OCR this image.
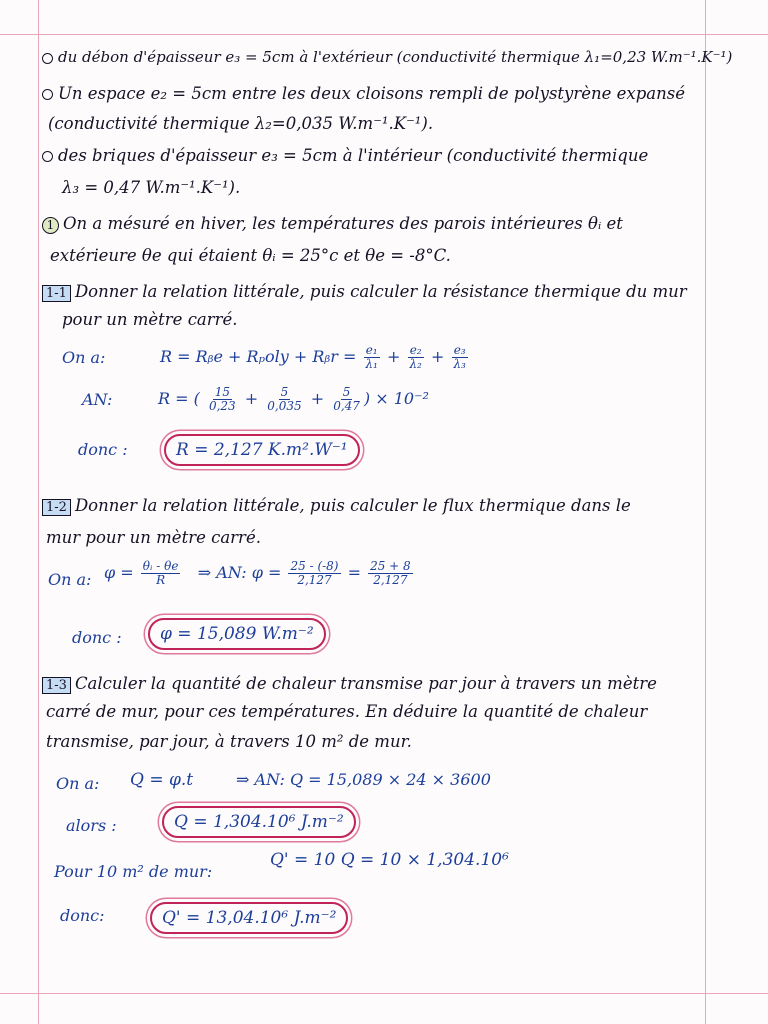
du débon d'épaisseur e₃ = 5cm à l'extérieur (conductivité thermique λ₁=0,23 W.m⁻¹.K⁻¹)
Un espace e₂ = 5cm entre les deux cloisons rempli de polystyrène expansé
(conductivité thermique λ₂=0,035 W.m⁻¹.K⁻¹).
des briques d'épaisseur e₃ = 5cm à l'intérieur (conductivité thermique
λ₃ = 0,47 W.m⁻¹.K⁻¹).
1 On a mésuré en hiver, les températures des parois intérieures θᵢ et
extérieure θe qui étaient θᵢ = 25°c et θe = -8°C.
1-1 Donner la relation littérale, puis calculer la résistance thermique du mur
pour un mètre carré.
On a:	R = Rᵦe + Rₚoly + Rᵦr = $\frac{\text{e₁}}{\text{λ₁}} + \frac{\text{e₂}}{\text{λ₂}} + \frac{\text{e₃}}{\text{λ₃}}$
AN:	R = ( $\frac{15}{0,23} + \frac{5}{0,035} + \frac{5}{0,47}$ ) × 10⁻²
donc :	R = 2,127 K.m².W⁻¹
1-2 Donner la relation littérale, puis calculer le flux thermique dans le
mur pour un mètre carré.
On a: $\varphi = \frac{\text{θᵢ - θe}}{R}$ ⇒ AN: $\varphi = \frac{25 - (-8)}{2,127} = \frac{25 + 8}{2,127}$
donc :	φ = 15,089 W.m⁻²
1-3 Calculer la quantité de chaleur transmise par jour à travers un mètre
carré de mur, pour ces températures. En déduire la quantité de chaleur
transmise, par jour, à travers 10 m² de mur.
On a: Q = φ.t	⇒ AN: Q = 15,089 × 24 × 3600
alors :	Q = 1,304.10⁶ J.m⁻²
Pour 10 m² de mur:
Q' = 10 Q = 10 × 1,304.10⁶
donc:	Q' = 13,04.10⁶ J.m⁻²
